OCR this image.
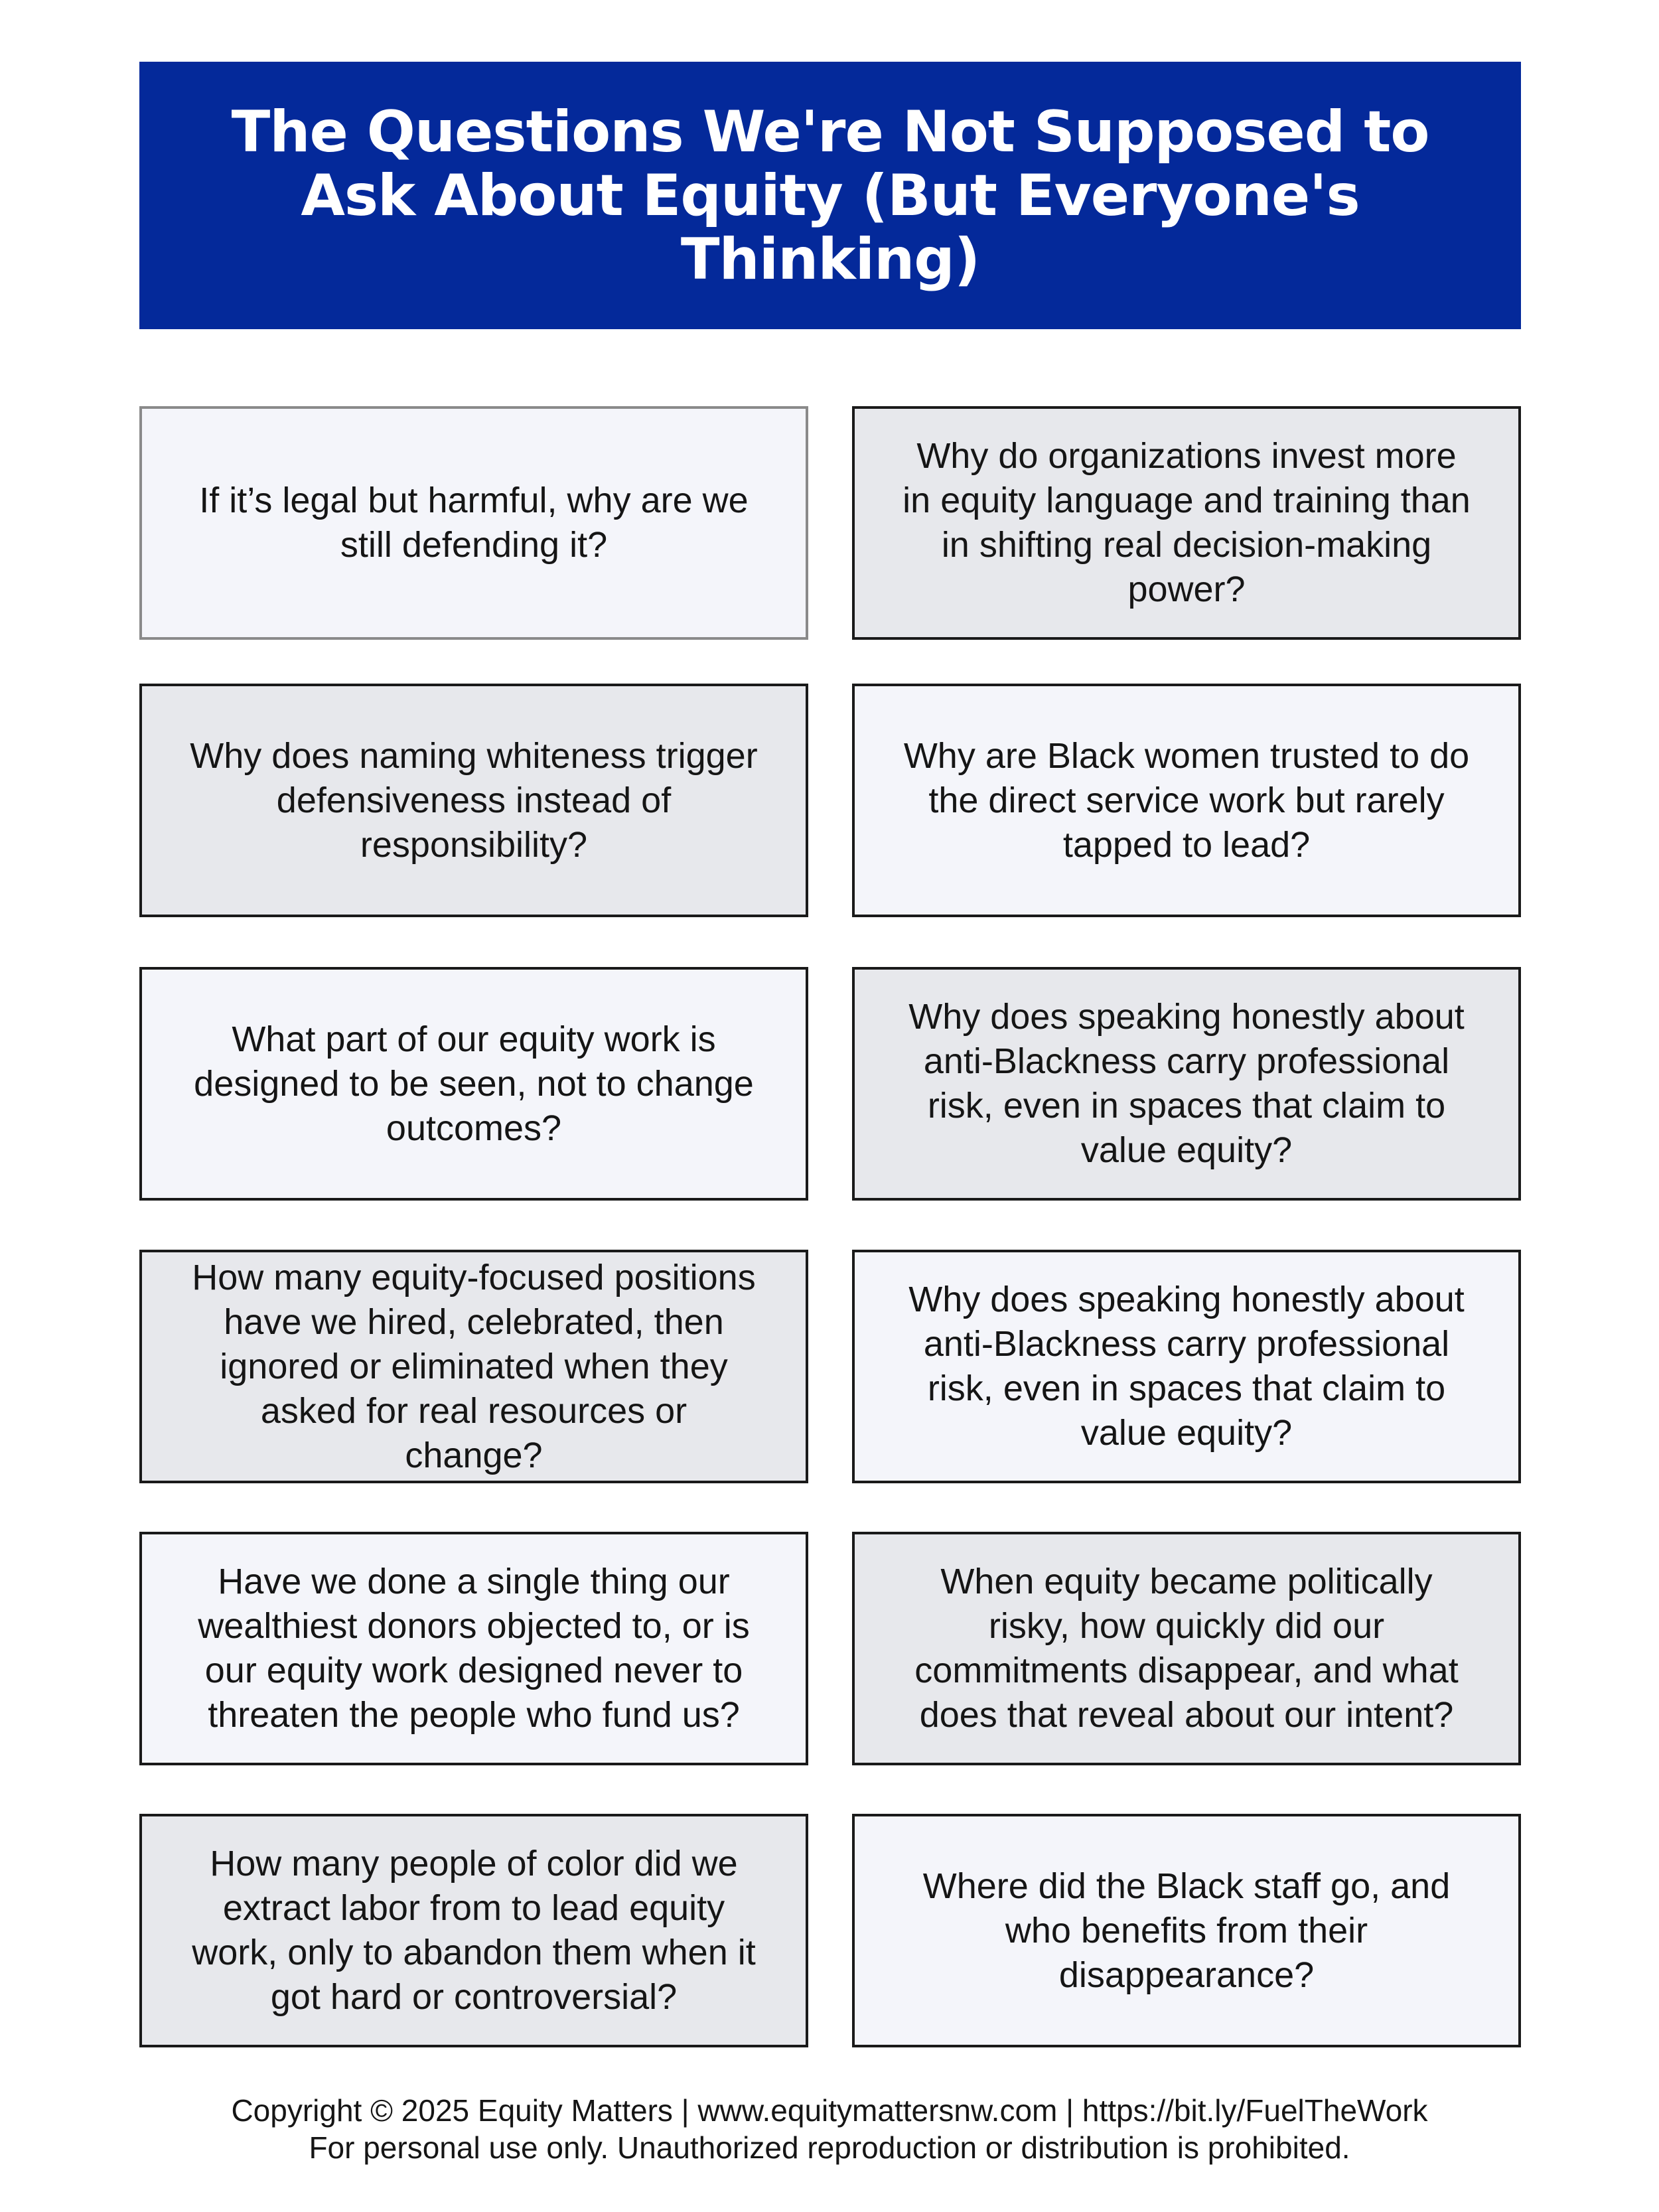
The Questions We're Not Supposed to Ask About Equity (But Everyone's Thinking)

If it’s legal but harmful, why are we still defending it?

Why do organizations invest more in equity language and training than in shifting real decision-making power?

Why does naming whiteness trigger defensiveness instead of responsibility?

Why are Black women trusted to do the direct service work but rarely tapped to lead?

What part of our equity work is designed to be seen, not to change outcomes?

Why does speaking honestly about anti-Blackness carry professional risk, even in spaces that claim to value equity?

How many equity-focused positions have we hired, celebrated, then ignored or eliminated when they asked for real resources or change?

Why does speaking honestly about anti-Blackness carry professional risk, even in spaces that claim to value equity?

Have we done a single thing our wealthiest donors objected to, or is our equity work designed never to threaten the people who fund us?

When equity became politically risky, how quickly did our commitments disappear, and what does that reveal about our intent?

How many people of color did we extract labor from to lead equity work, only to abandon them when it got hard or controversial?

Where did the Black staff go, and who benefits from their disappearance?

Copyright © 2025 Equity Matters | www.equitymattersnw.com | https://bit.ly/FuelTheWork
For personal use only. Unauthorized reproduction or distribution is prohibited.
